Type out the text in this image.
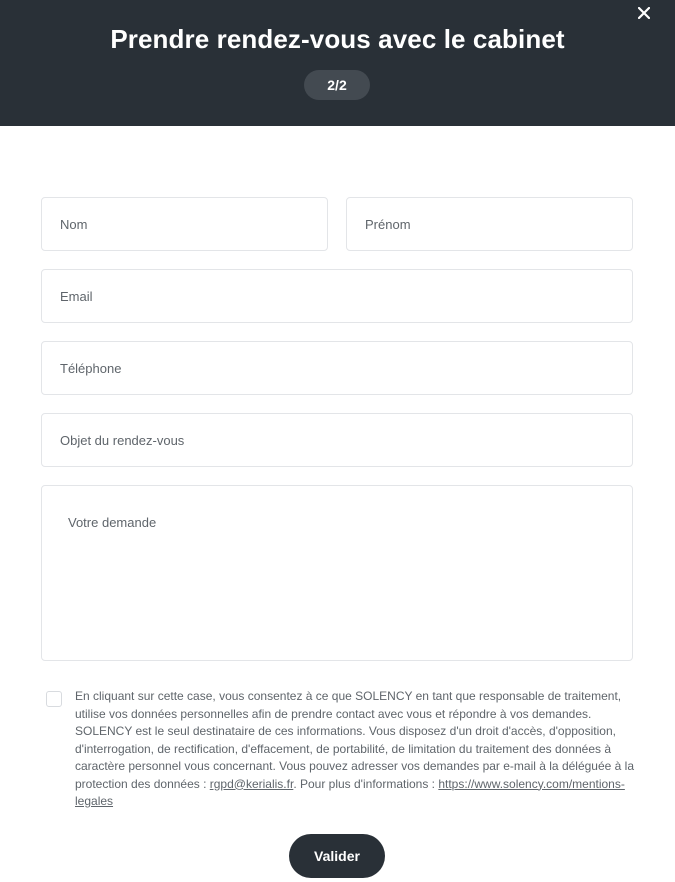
Prendre rendez-vous avec le cabinet
2/2
Nom
Prénom
Email
Téléphone
Objet du rendez-vous
Votre demande
En cliquant sur cette case, vous consentez à ce que SOLENCY en tant que responsable de traitement, utilise vos données personnelles afin de prendre contact avec vous et répondre à vos demandes. SOLENCY est le seul destinataire de ces informations. Vous disposez d'un droit d'accès, d'opposition, d'interrogation, de rectification, d'effacement, de portabilité, de limitation du traitement des données à caractère personnel vous concernant. Vous pouvez adresser vos demandes par e-mail à la déléguée à la protection des données : rgpd@kerialis.fr. Pour plus d'informations : https://www.solency.com/mentions-legales
Valider
